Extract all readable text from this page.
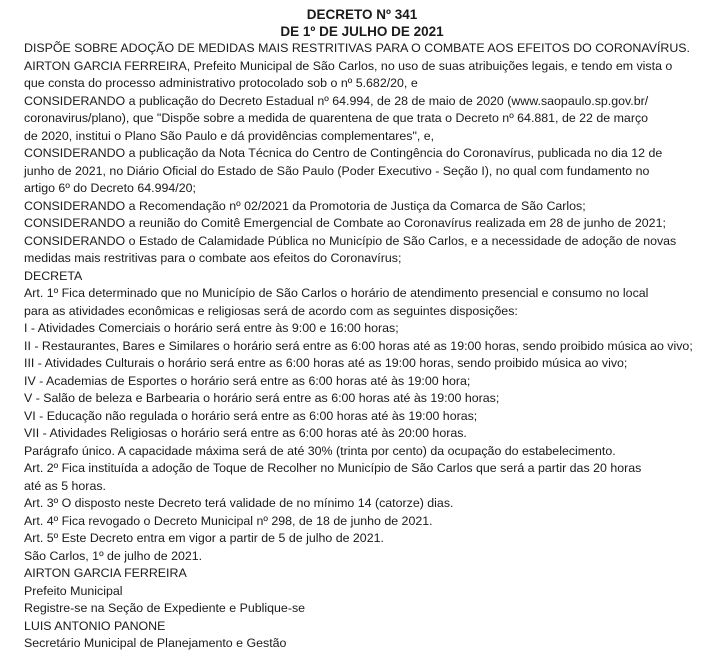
DECRETO Nº 341

DE 1º DE JULHO DE 2021

DISPÕE SOBRE ADOÇÃO DE MEDIDAS MAIS RESTRITIVAS PARA O COMBATE AOS EFEITOS DO CORONAVÍRUS.

AIRTON GARCIA FERREIRA, Prefeito Municipal de São Carlos, no uso de suas atribuições legais, e tendo em vista o

que consta do processo administrativo protocolado sob o nº 5.682/20, e

CONSIDERANDO a publicação do Decreto Estadual nº 64.994, de 28 de maio de 2020 (www.saopaulo.sp.gov.br/

coronavirus/plano), que "Dispõe sobre a medida de quarentena de que trata o Decreto nº 64.881, de 22 de março

de 2020, institui o Plano São Paulo e dá providências complementares", e,

CONSIDERANDO a publicação da Nota Técnica do Centro de Contingência do Coronavírus, publicada no dia 12 de

junho de 2021, no Diário Oficial do Estado de São Paulo (Poder Executivo - Seção I), no qual com fundamento no

artigo 6º do Decreto 64.994/20;

CONSIDERANDO a Recomendação nº 02/2021 da Promotoria de Justiça da Comarca de São Carlos;

CONSIDERANDO a reunião do Comitê Emergencial de Combate ao Coronavírus realizada em 28 de junho de 2021;

CONSIDERANDO o Estado de Calamidade Pública no Município de São Carlos, e a necessidade de adoção de novas

medidas mais restritivas para o combate aos efeitos do Coronavírus;

DECRETA

Art. 1º Fica determinado que no Município de São Carlos o horário de atendimento presencial e consumo no local

para as atividades econômicas e religiosas será de acordo com as seguintes disposições:

I - Atividades Comerciais o horário será entre às 9:00 e 16:00 horas;

II - Restaurantes, Bares e Similares o horário será entre as 6:00 horas até as 19:00 horas, sendo proibido música ao vivo;

III - Atividades Culturais o horário será entre as 6:00 horas até as 19:00 horas, sendo proibido música ao vivo;

IV - Academias de Esportes o horário será entre as 6:00 horas até às 19:00 hora;

V - Salão de beleza e Barbearia o horário será entre as 6:00 horas até às 19:00 horas;

VI - Educação não regulada o horário será entre as 6:00 horas até às 19:00 horas;

VII - Atividades Religiosas o horário será entre as 6:00 horas até às 20:00 horas.

Parágrafo único. A capacidade máxima será de até 30% (trinta por cento) da ocupação do estabelecimento.

Art. 2º Fica instituída a adoção de Toque de Recolher no Município de São Carlos que será a partir das 20 horas

até as 5 horas.

Art. 3º O disposto neste Decreto terá validade de no mínimo 14 (catorze) dias.

Art. 4º Fica revogado o Decreto Municipal nº 298, de 18 de junho de 2021.

Art. 5º Este Decreto entra em vigor a partir de 5 de julho de 2021.

São Carlos, 1º de julho de 2021.

AIRTON GARCIA FERREIRA

Prefeito Municipal

Registre-se na Seção de Expediente e Publique-se

LUIS ANTONIO PANONE

Secretário Municipal de Planejamento e Gestão
